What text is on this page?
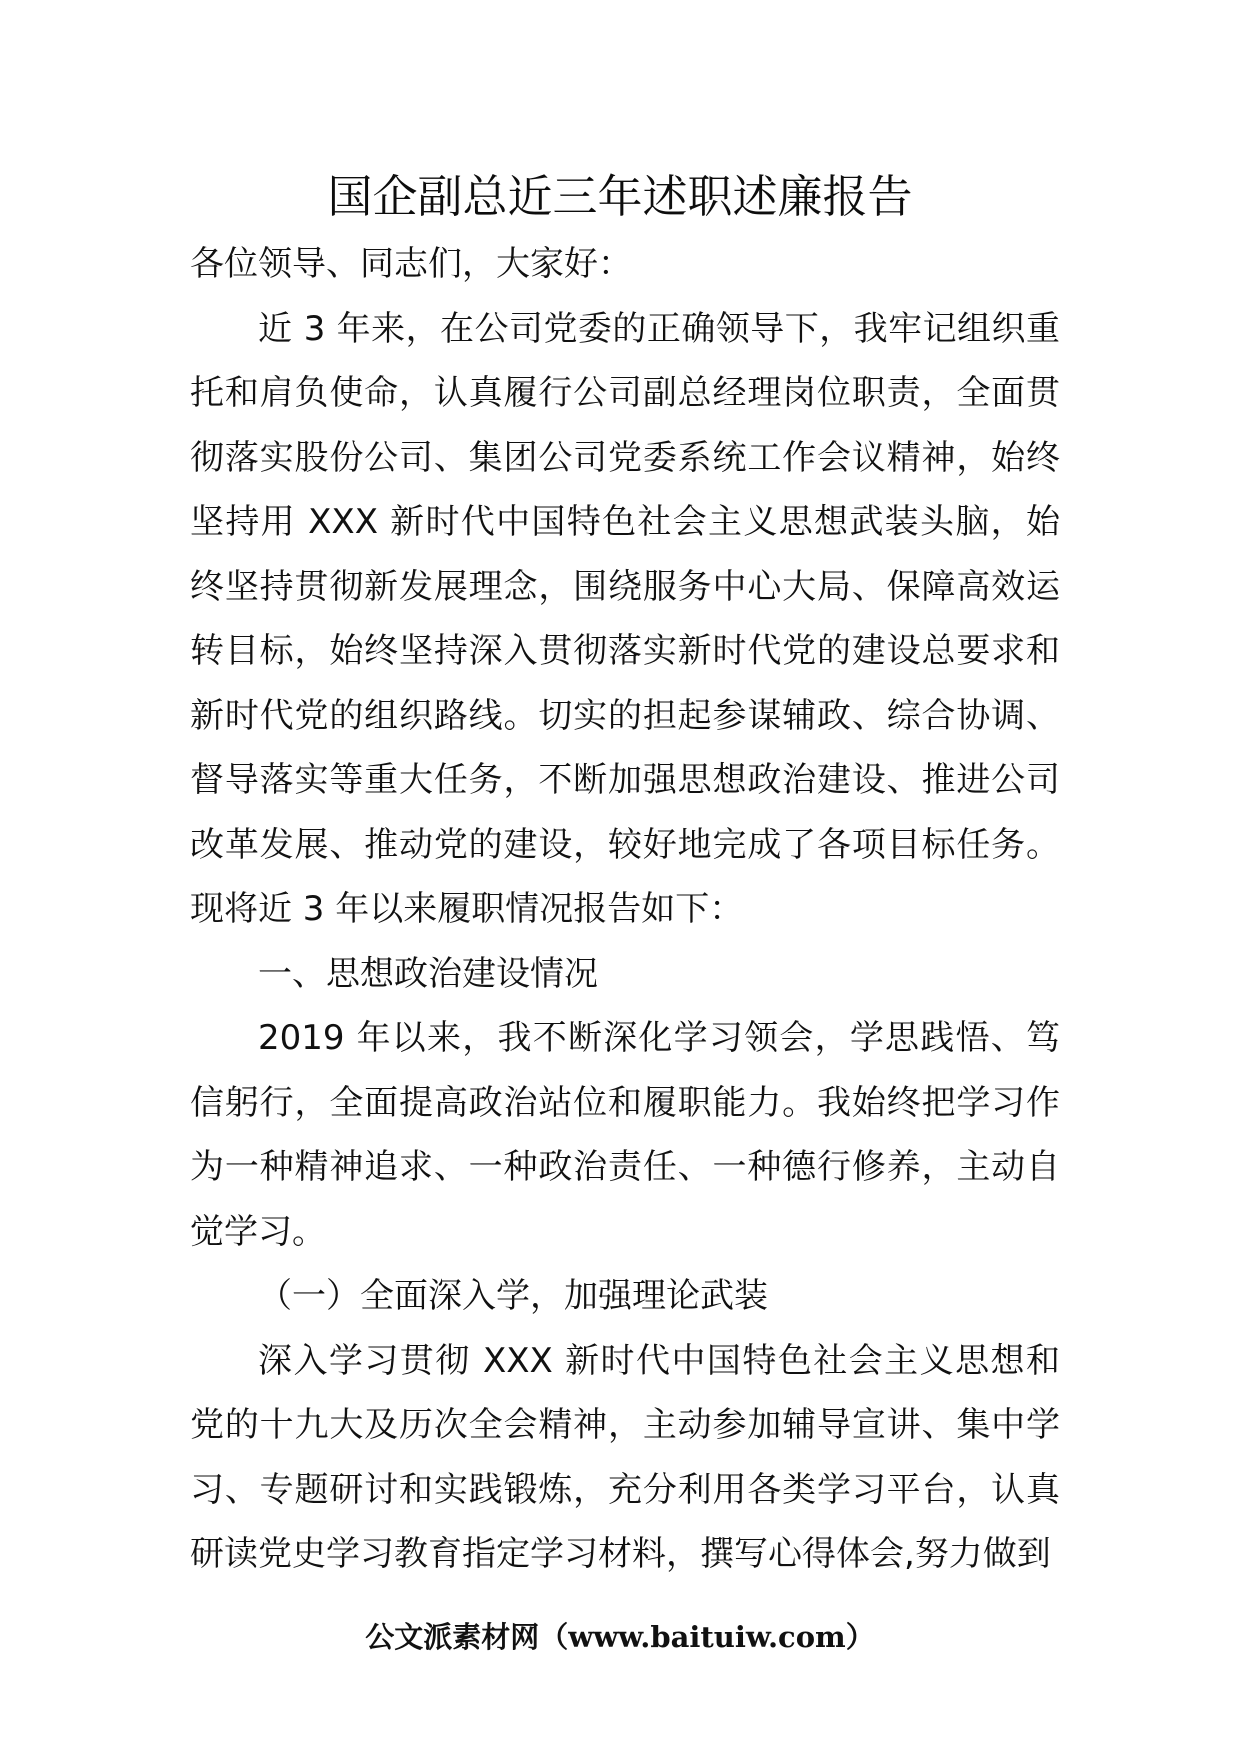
国企副总近三年述职述廉报告

各位领导、同志们，大家好：

近 3 年来，在公司党委的正确领导下，我牢记组织重托和肩负使命，认真履行公司副总经理岗位职责，全面贯彻落实股份公司、集团公司党委系统工作会议精神，始终坚持用 XXX 新时代中国特色社会主义思想武装头脑，始终坚持贯彻新发展理念，围绕服务中心大局、保障高效运转目标，始终坚持深入贯彻落实新时代党的建设总要求和新时代党的组织路线。切实的担起参谋辅政、综合协调、督导落实等重大任务，不断加强思想政治建设、推进公司改革发展、推动党的建设，较好地完成了各项目标任务。现将近 3 年以来履职情况报告如下：

一、思想政治建设情况

2019 年以来，我不断深化学习领会，学思践悟、笃信躬行，全面提高政治站位和履职能力。我始终把学习作为一种精神追求、一种政治责任、一种德行修养，主动自觉学习。

（一）全面深入学，加强理论武装

深入学习贯彻 XXX 新时代中国特色社会主义思想和党的十九大及历次全会精神，主动参加辅导宣讲、集中学习、专题研讨和实践锻炼，充分利用各类学习平台，认真研读党史学习教育指定学习材料，撰写心得体会,努力做到

公文派素材网（www.baituiw.com）
